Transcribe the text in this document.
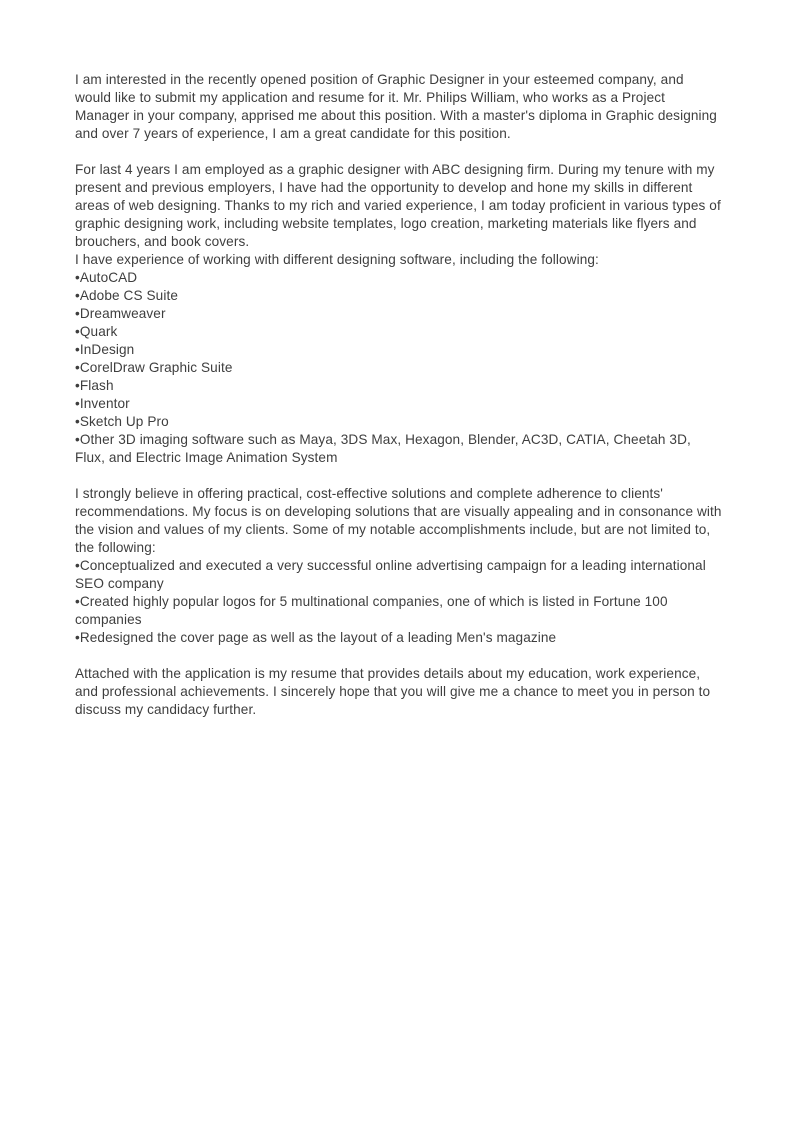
I am interested in the recently opened position of Graphic Designer in your esteemed company, and would like to submit my application and resume for it. Mr. Philips William, who works as a Project Manager in your company, apprised me about this position. With a master's diploma in Graphic designing and over 7 years of experience, I am a great candidate for this position.

For last 4 years I am employed as a graphic designer with ABC designing firm. During my tenure with my present and previous employers, I have had the opportunity to develop and hone my skills in different areas of web designing. Thanks to my rich and varied experience, I am today proficient in various types of graphic designing work, including website templates, logo creation, marketing materials like flyers and brouchers, and book covers.

I have experience of working with different designing software, including the following:

•AutoCAD
•Adobe CS Suite
•Dreamweaver
•Quark
•InDesign
•CorelDraw Graphic Suite
•Flash
•Inventor
•Sketch Up Pro
•Other 3D imaging software such as Maya, 3DS Max, Hexagon, Blender, AC3D, CATIA, Cheetah 3D, Flux, and Electric Image Animation System

I strongly believe in offering practical, cost-effective solutions and complete adherence to clients' recommendations. My focus is on developing solutions that are visually appealing and in consonance with the vision and values of my clients. Some of my notable accomplishments include, but are not limited to, the following:

•Conceptualized and executed a very successful online advertising campaign for a leading international SEO company
•Created highly popular logos for 5 multinational companies, one of which is listed in Fortune 100 companies
•Redesigned the cover page as well as the layout of a leading Men's magazine

Attached with the application is my resume that provides details about my education, work experience, and professional achievements. I sincerely hope that you will give me a chance to meet you in person to discuss my candidacy further.
